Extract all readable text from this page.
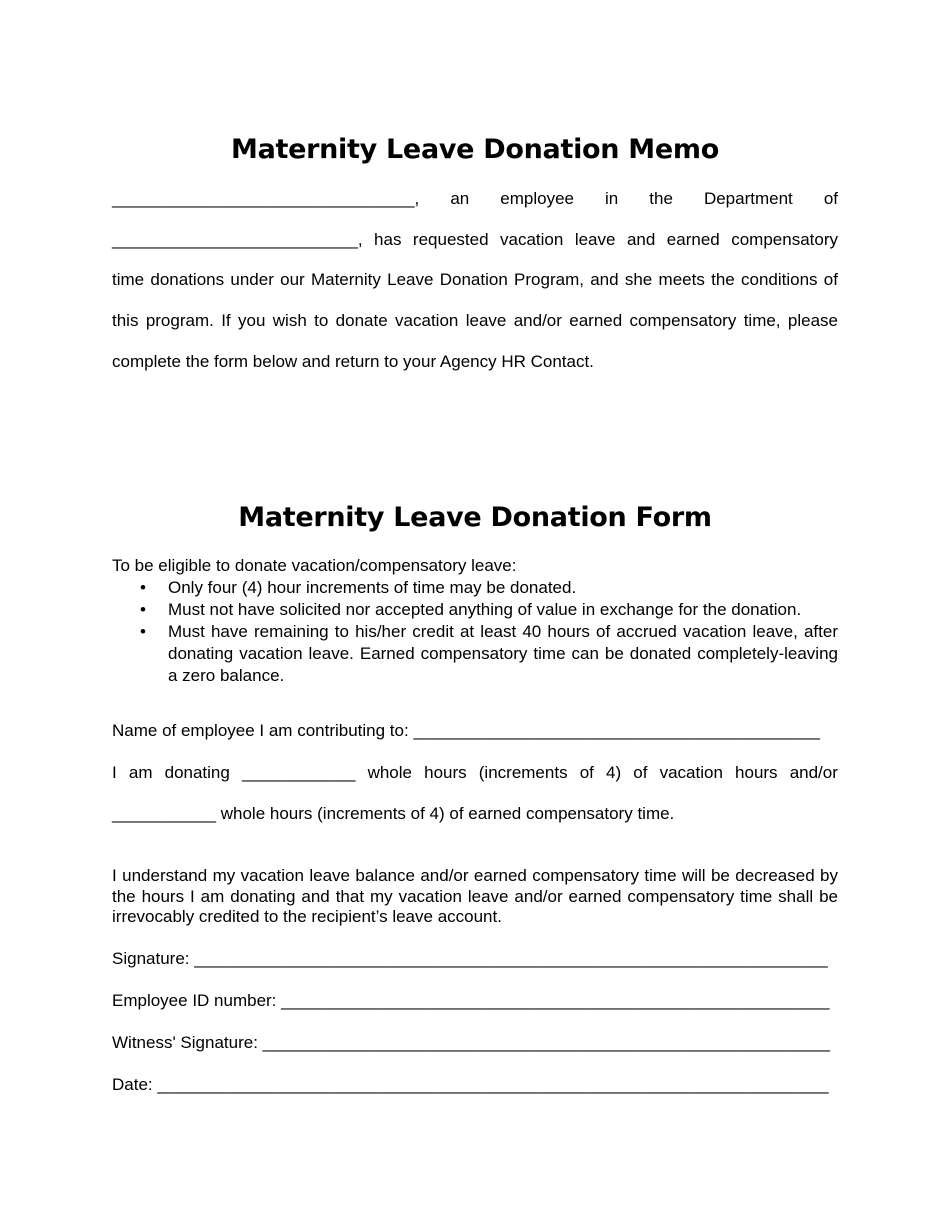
Maternity Leave Donation Memo
________________________________, an employee in the Department of
__________________________, has requested vacation leave and earned compensatory

time donations under our Maternity Leave Donation Program, and she meets the conditions of this program. If you wish to donate vacation leave and/or earned compensatory time, please complete the form below and return to your Agency HR Contact.

Maternity Leave Donation Form
To be eligible to donate vacation/compensatory leave:
• Only four (4) hour increments of time may be donated.
• Must not have solicited nor accepted anything of value in exchange for the donation.
• Must have remaining to his/her credit at least 40 hours of accrued vacation leave, after donating vacation leave. Earned compensatory time can be donated completely-leaving a zero balance.
Name of employee I am contributing to: ___________________________________________
I am donating ____________ whole hours (increments of 4) of vacation hours and/or
___________ whole hours (increments of 4) of earned compensatory time.

I understand my vacation leave balance and/or earned compensatory time will be decreased by the hours I am donating and that my vacation leave and/or earned compensatory time shall be irrevocably credited to the recipient’s leave account.

Signature: ___________________________________________________________________
Employee ID number: __________________________________________________________
Witness' Signature: ____________________________________________________________
Date: _______________________________________________________________________
